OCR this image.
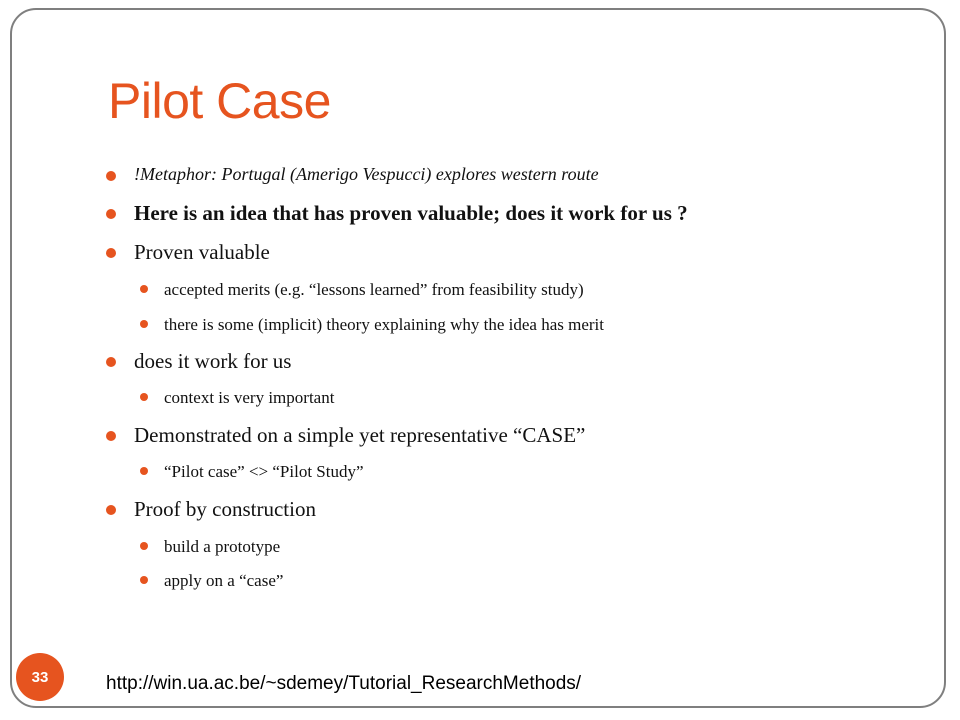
Pilot Case
!Metaphor: Portugal (Amerigo Vespucci) explores western route
Here is an idea that has proven valuable; does it work for us ?
Proven valuable
accepted merits (e.g. “lessons learned” from feasibility study)
there is some (implicit) theory explaining why the idea has merit
does it work for us
context is very important
Demonstrated on a simple yet representative “CASE”
“Pilot case” <> “Pilot Study”
Proof by construction
build a prototype
apply on a “case”
33	http://win.ua.ac.be/~sdemey/Tutorial_ResearchMethods/
